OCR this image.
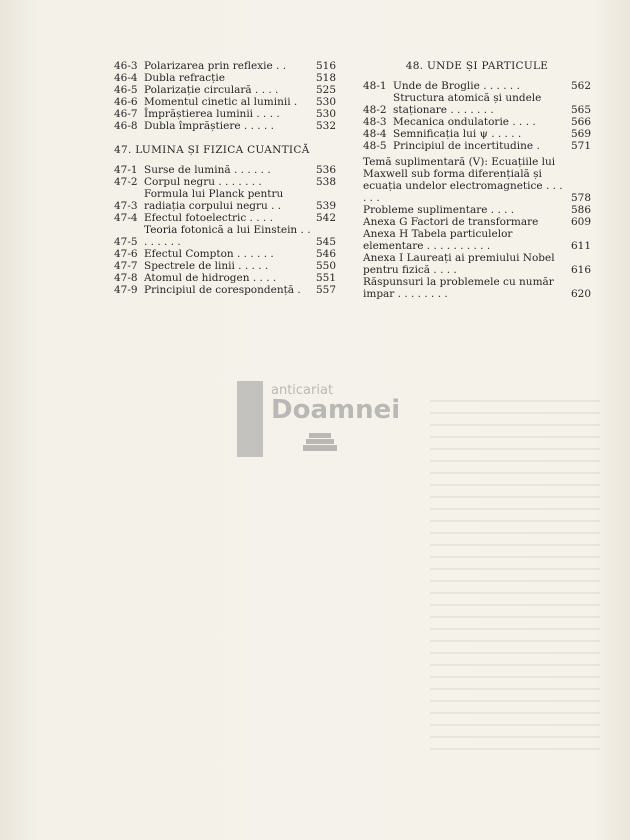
46-3 Polarizarea prin reflexie . .	516
46-4 Dubla refracție	518
46-5 Polarizație circulară . . . .	525
46-6 Momentul cinetic al luminii .	530
46-7 Împrăștierea luminii . . . .	530
46-8 Dubla împrăștiere . . . . .	532
47. LUMINA ȘI FIZICA CUANTICĂ
47-1 Surse de lumină . . . . . .	536
47-2 Corpul negru . . . . . . .	538
47-3
Formula lui Planck pentru radiația corpului negru . .	539
47-4 Efectul fotoelectric . . . .	542
47-5
Teoria fotonică a lui Einstein . . . . . . . .	545
47-6 Efectul Compton . . . . . .	546
47-7 Spectrele de linii . . . . .	550
47-8 Atomul de hidrogen . . . .	551
47-9 Principiul de corespondență .	557
48. UNDE ȘI PARTICULE
48-1 Unde de Broglie . . . . . .	562
48-2
Structura atomică și undele staționare . . . . . . .	565
48-3 Mecanica ondulatorie . . . .	566
48-4 Semnificația lui ψ . . . . .	569
48-5 Principiul de incertitudine .	571
Temă suplimentară (V): Ecuațiile lui Maxwell sub forma diferențială și ecuația undelor electromagnetice . . . . . .	578
Probleme suplimentare . . . .	586
Anexa G Factori de transformare	609
Anexa H Tabela particulelor elementare . . . . . . . . . .	611
Anexa I Laureați ai premiului Nobel pentru fizică . . . .	616
Răspunsuri la problemele cu număr impar . . . . . . . .	620
anticariat
Doamnei
